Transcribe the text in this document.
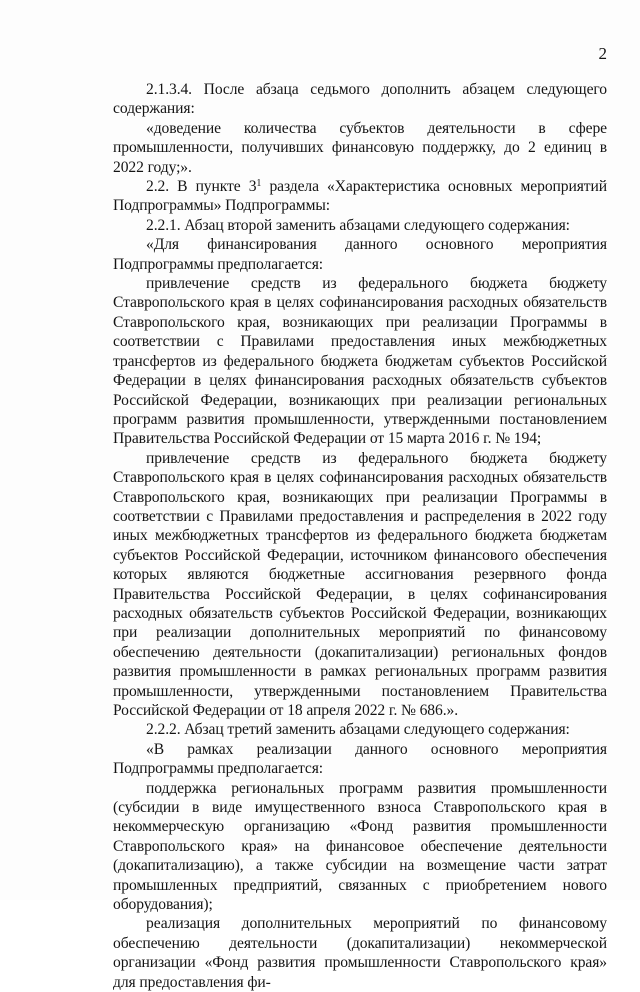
2

2.1.3.4. После абзаца седьмого дополнить абзацем следующего содержания:

«доведение количества субъектов деятельности в сфере промышленности, получивших финансовую поддержку, до 2 единиц в 2022 году;».

2.2. В пункте $3^1$ раздела «Характеристика основных мероприятий Подпрограммы» Подпрограммы:

2.2.1. Абзац второй заменить абзацами следующего содержания:

«Для финансирования данного основного мероприятия Подпрограммы предполагается:

привлечение средств из федерального бюджета бюджету Ставропольского края в целях софинансирования расходных обязательств Ставропольского края, возникающих при реализации Программы в соответствии с Правилами предоставления иных межбюджетных трансфертов из федерального бюджета бюджетам субъектов Российской Федерации в целях финансирования расходных обязательств субъектов Российской Федерации, возникающих при реализации региональных программ развития промышленности, утвержденными постановлением Правительства Российской Федерации от 15 марта 2016 г. № 194;

привлечение средств из федерального бюджета бюджету Ставропольского края в целях софинансирования расходных обязательств Ставропольского края, возникающих при реализации Программы в соответствии с Правилами предоставления и распределения в 2022 году иных межбюджетных трансфертов из федерального бюджета бюджетам субъектов Российской Федерации, источником финансового обеспечения которых являются бюджетные ассигнования резервного фонда Правительства Российской Федерации, в целях софинансирования расходных обязательств субъектов Российской Федерации, возникающих при реализации дополнительных мероприятий по финансовому обеспечению деятельности (докапитализации) региональных фондов развития промышленности в рамках региональных программ развития промышленности, утвержденными постановлением Правительства Российской Федерации от 18 апреля 2022 г. № 686.».

2.2.2. Абзац третий заменить абзацами следующего содержания:

«В рамках реализации данного основного мероприятия Подпрограммы предполагается:

поддержка региональных программ развития промышленности (субсидии в виде имущественного взноса Ставропольского края в некоммерческую организацию «Фонд развития промышленности Ставропольского края» на финансовое обеспечение деятельности (докапитализацию), а также субсидии на возмещение части затрат промышленных предприятий, связанных с приобретением нового оборудования);

реализация дополнительных мероприятий по финансовому обеспечению деятельности (докапитализации) некоммерческой организации «Фонд развития промышленности Ставропольского края» для предоставления фи-
